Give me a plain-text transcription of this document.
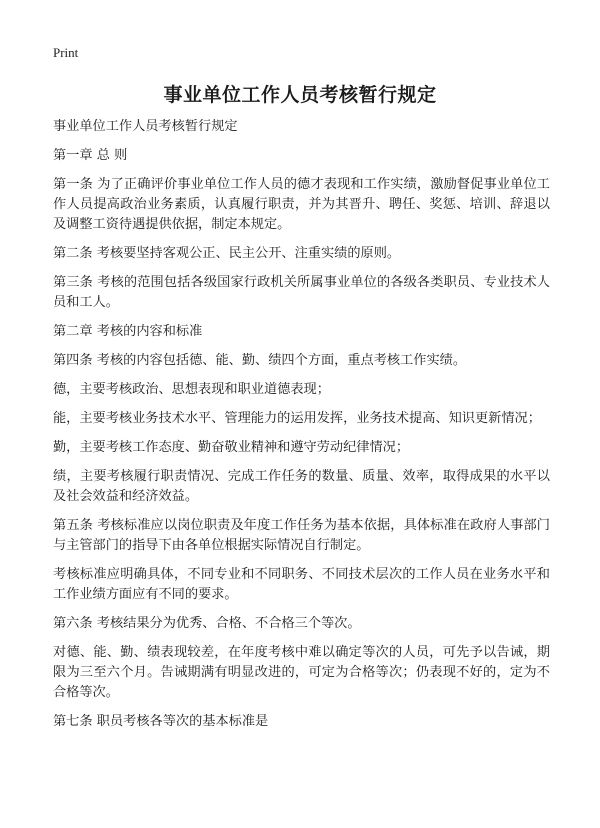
Print
事业单位工作人员考核暂行规定

事业单位工作人员考核暂行规定

第一章 总 则

第一条 为了正确评价事业单位工作人员的德才表现和工作实绩，激励督促事业单位工作人员提高政治业务素质，认真履行职责，并为其晋升、聘任、奖惩、培训、辞退以及调整工资待遇提供依据，制定本规定。

第二条 考核要坚持客观公正、民主公开、注重实绩的原则。

第三条 考核的范围包括各级国家行政机关所属事业单位的各级各类职员、专业技术人员和工人。

第二章 考核的内容和标准

第四条 考核的内容包括德、能、勤、绩四个方面，重点考核工作实绩。

德，主要考核政治、思想表现和职业道德表现；

能，主要考核业务技术水平、管理能力的运用发挥，业务技术提高、知识更新情况；

勤，主要考核工作态度、勤奋敬业精神和遵守劳动纪律情况；

绩，主要考核履行职责情况、完成工作任务的数量、质量、效率，取得成果的水平以及社会效益和经济效益。

第五条 考核标准应以岗位职责及年度工作任务为基本依据，具体标准在政府人事部门与主管部门的指导下由各单位根据实际情况自行制定。

考核标准应明确具体，不同专业和不同职务、不同技术层次的工作人员在业务水平和工作业绩方面应有不同的要求。

第六条 考核结果分为优秀、合格、不合格三个等次。

对德、能、勤、绩表现较差，在年度考核中难以确定等次的人员，可先予以告诫，期限为三至六个月。告诫期满有明显改进的，可定为合格等次；仍表现不好的，定为不合格等次。

第七条 职员考核各等次的基本标准是
